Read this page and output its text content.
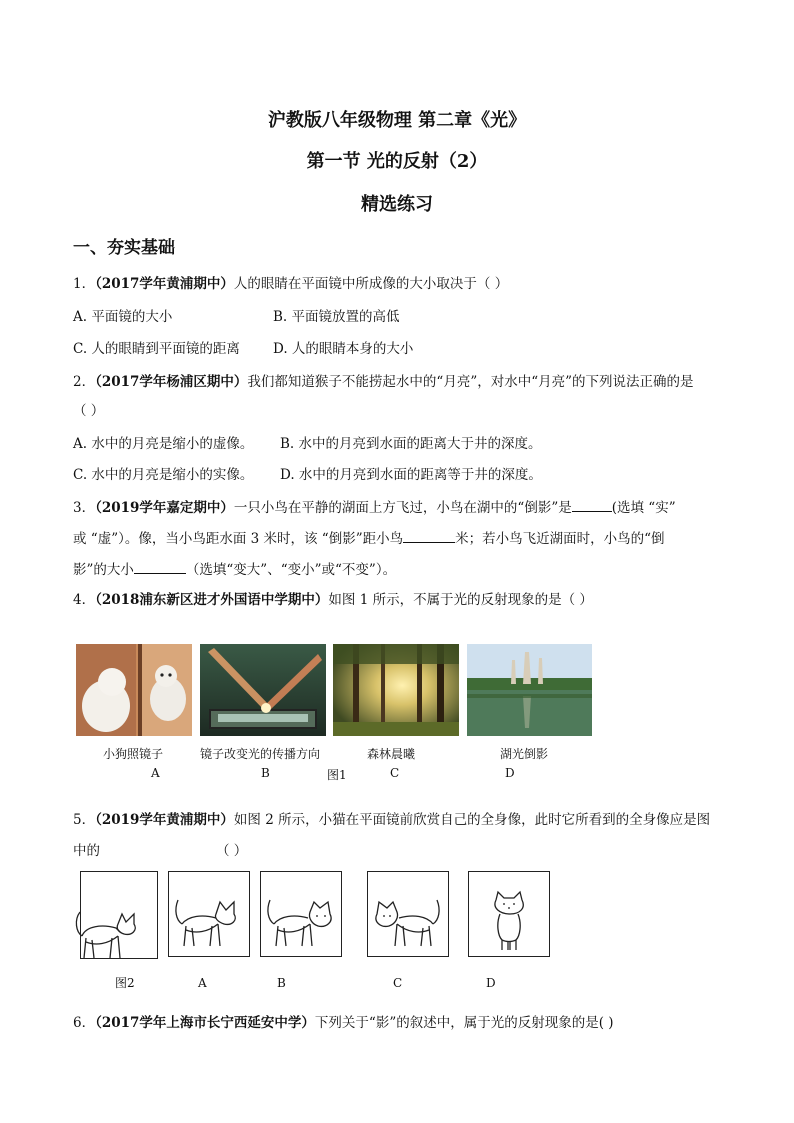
沪教版八年级物理 第二章《光》
第一节 光的反射（2）
精选练习
一、夯实基础
1．（2017学年黄浦期中）人的眼睛在平面镜中所成像的大小取决于（ ）
A. 平面镜的大小	B. 平面镜放置的高低
C. 人的眼睛到平面镜的距离 D. 人的眼睛本身的大小
2．（2017学年杨浦区期中）我们都知道猴子不能捞起水中的“月亮”，对水中“月亮”的下列说法正确的是
（ ）
A. 水中的月亮是缩小的虚像。 B. 水中的月亮到水面的距离大于井的深度。
C. 水中的月亮是缩小的实像。 D. 水中的月亮到水面的距离等于井的深度。
3．（2019学年嘉定期中）一只小鸟在平静的湖面上方飞过，小鸟在湖中的“倒影”是	(选填 “实”
或 “虚”）。像，当小鸟距水面 3 米时，该 “倒影”距小鸟	米；若小鸟飞近湖面时，小鸟的“倒
影”的大小	（选填“变大”、“变小”或“不变”）。
4．（2018浦东新区进才外国语中学期中）如图 1 所示，不属于光的反射现象的是（ ）
小狗照镜子	镜子改变光的传播方向	森林晨曦	湖光倒影
A	B	图1	C	D
5．（2019学年黄浦期中）如图 2 所示，小猫在平面镜前欣赏自己的全身像，此时它所看到的全身像应是图
中的	（ ）
图2	A	B	C	D
6．（2017学年上海市长宁西延安中学）下列关于“影”的叙述中，属于光的反射现象的是( )
